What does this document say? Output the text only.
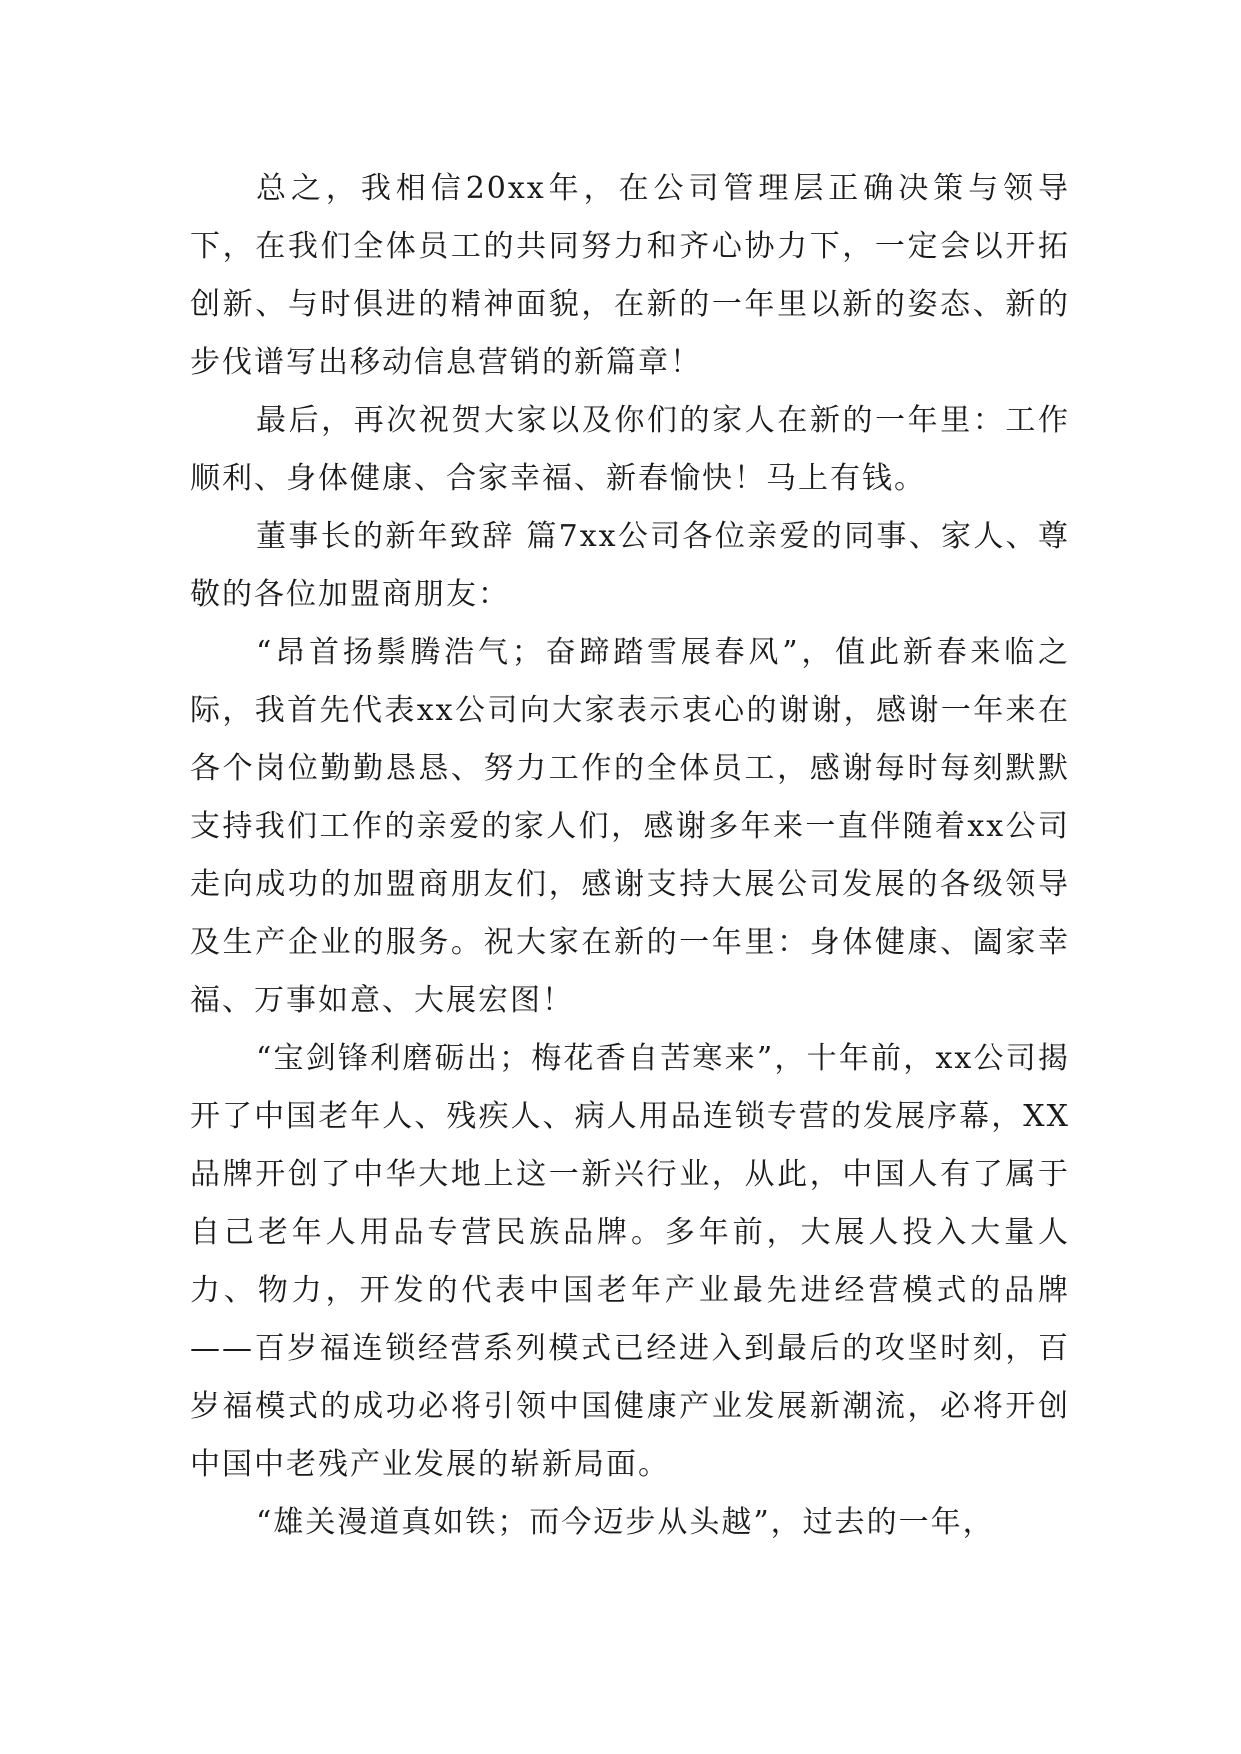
总之，我相信20xx年，在公司管理层正确决策与领导下，在我们全体员工的共同努力和齐心协力下，一定会以开拓创新、与时俱进的精神面貌，在新的一年里以新的姿态、新的步伐谱写出移动信息营销的新篇章！

最后，再次祝贺大家以及你们的家人在新的一年里：工作顺利、身体健康、合家幸福、新春愉快！马上有钱。

董事长的新年致辞 篇7xx公司各位亲爱的同事、家人、尊敬的各位加盟商朋友：

“昂首扬鬃腾浩气；奋蹄踏雪展春风”，值此新春来临之际，我首先代表xx公司向大家表示衷心的谢谢，感谢一年来在各个岗位勤勤恳恳、努力工作的全体员工，感谢每时每刻默默支持我们工作的亲爱的家人们，感谢多年来一直伴随着xx公司走向成功的加盟商朋友们，感谢支持大展公司发展的各级领导及生产企业的服务。祝大家在新的一年里：身体健康、阖家幸福、万事如意、大展宏图！

“宝剑锋利磨砺出；梅花香自苦寒来”，十年前，xx公司揭开了中国老年人、残疾人、病人用品连锁专营的发展序幕，XX品牌开创了中华大地上这一新兴行业，从此，中国人有了属于自己老年人用品专营民族品牌。多年前，大展人投入大量人力、物力，开发的代表中国老年产业最先进经营模式的品牌——百岁福连锁经营系列模式已经进入到最后的攻坚时刻，百岁福模式的成功必将引领中国健康产业发展新潮流，必将开创中国中老残产业发展的崭新局面。

“雄关漫道真如铁；而今迈步从头越”，过去的一年，
